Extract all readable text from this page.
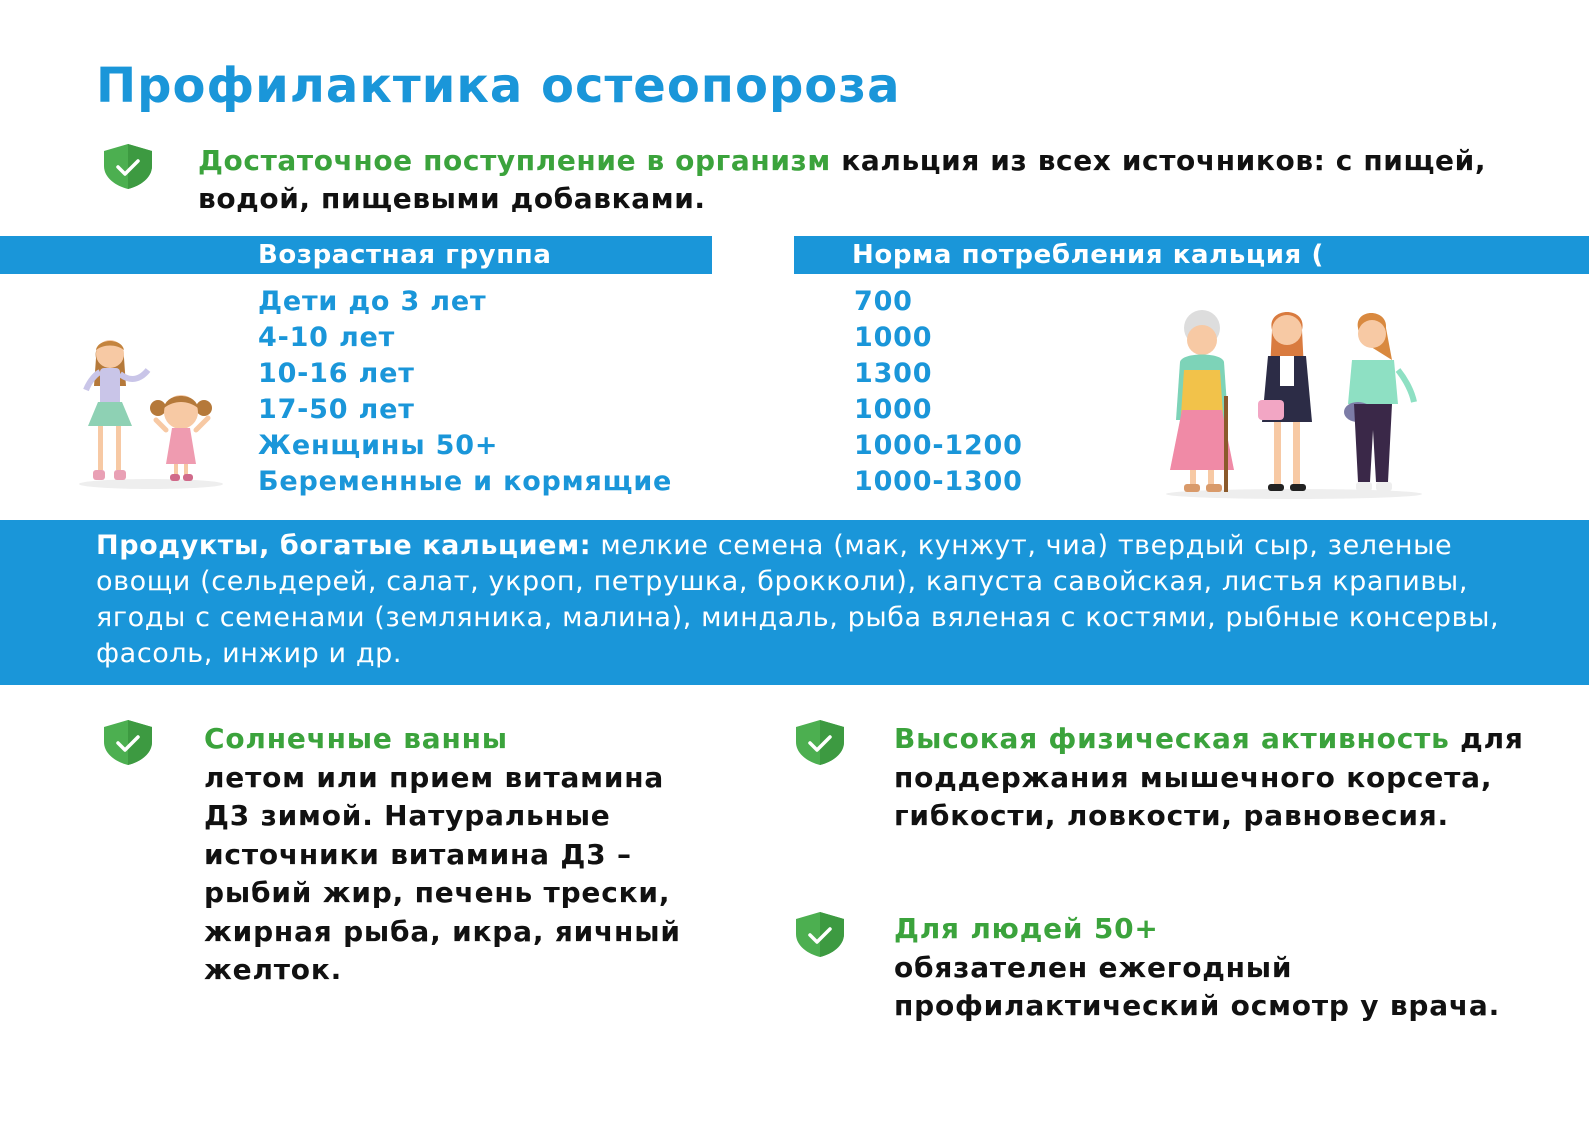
Профилактика остеопороза
Достаточное поступление в организм кальция из всех источников: с пищей, водой, пищевыми добавками.
Возрастная группа	Норма потребления кальция (
Дети до 3 лет
4-10 лет
10-16 лет
17-50 лет
Женщины 50+
Беременные и кормящие
700
1000
1300
1000
1000-1200
1000-1300
Продукты, богатые кальцием: мелкие семена (мак, кунжут, чиа) твердый сыр, зеленые овощи (сельдерей, салат, укроп, петрушка, брокколи), капуста савойская, листья крапивы, ягоды с семенами (земляника, малина), миндаль, рыба вяленая с костями, рыбные консервы, фасоль, инжир и др.
Солнечные ванны
летом или прием витамина Д3 зимой. Натуральные источники витамина Д3 – рыбий жир, печень трески, жирная рыба, икра, яичный желток.
Высокая физическая активность для поддержания мышечного корсета, гибкости, ловкости, равновесия.
Для людей 50+
обязателен ежегодный профилактический осмотр у врача.
